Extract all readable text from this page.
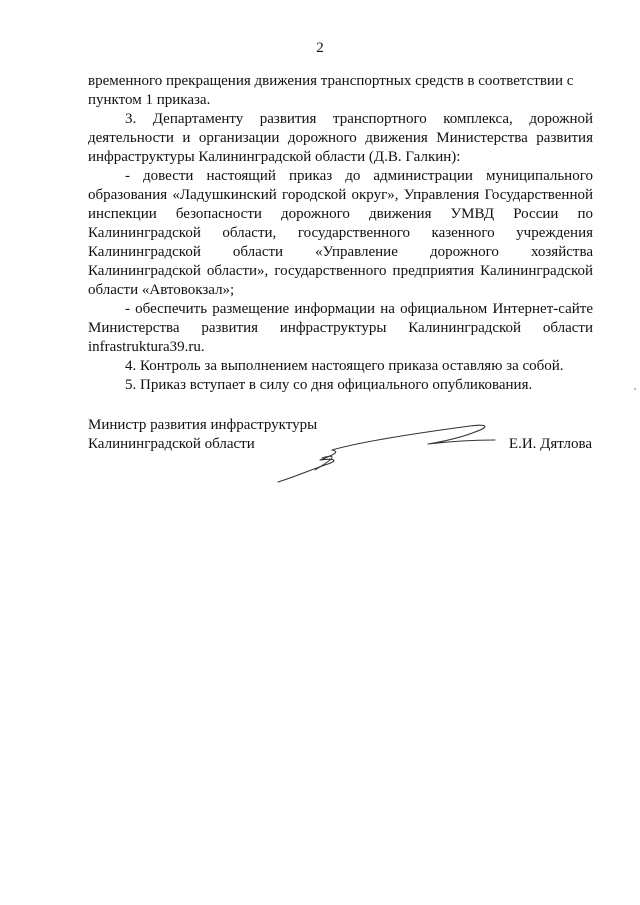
2

временного прекращения движения транспортных средств в соответствии с пунктом 1 приказа.

3. Департаменту развития транспортного комплекса, дорожной деятельности и организации дорожного движения Министерства развития инфраструктуры Калининградской области (Д.В. Галкин):

- довести настоящий приказ до администрации муниципального образования «Ладушкинский городской округ», Управления Государственной инспекции безопасности дорожного движения УМВД России по Калининградской области, государственного казенного учреждения Калининградской области «Управление дорожного хозяйства Калининградской области», государственного предприятия Калининградской области «Автовокзал»;

- обеспечить размещение информации на официальном Интернет-сайте Министерства развития инфраструктуры Калининградской области infrastruktura39.ru.

4. Контроль за выполнением настоящего приказа оставляю за собой.

5. Приказ вступает в силу со дня официального опубликования.

Министр развития инфраструктуры
Калининградской области	Е.И. Дятлова
